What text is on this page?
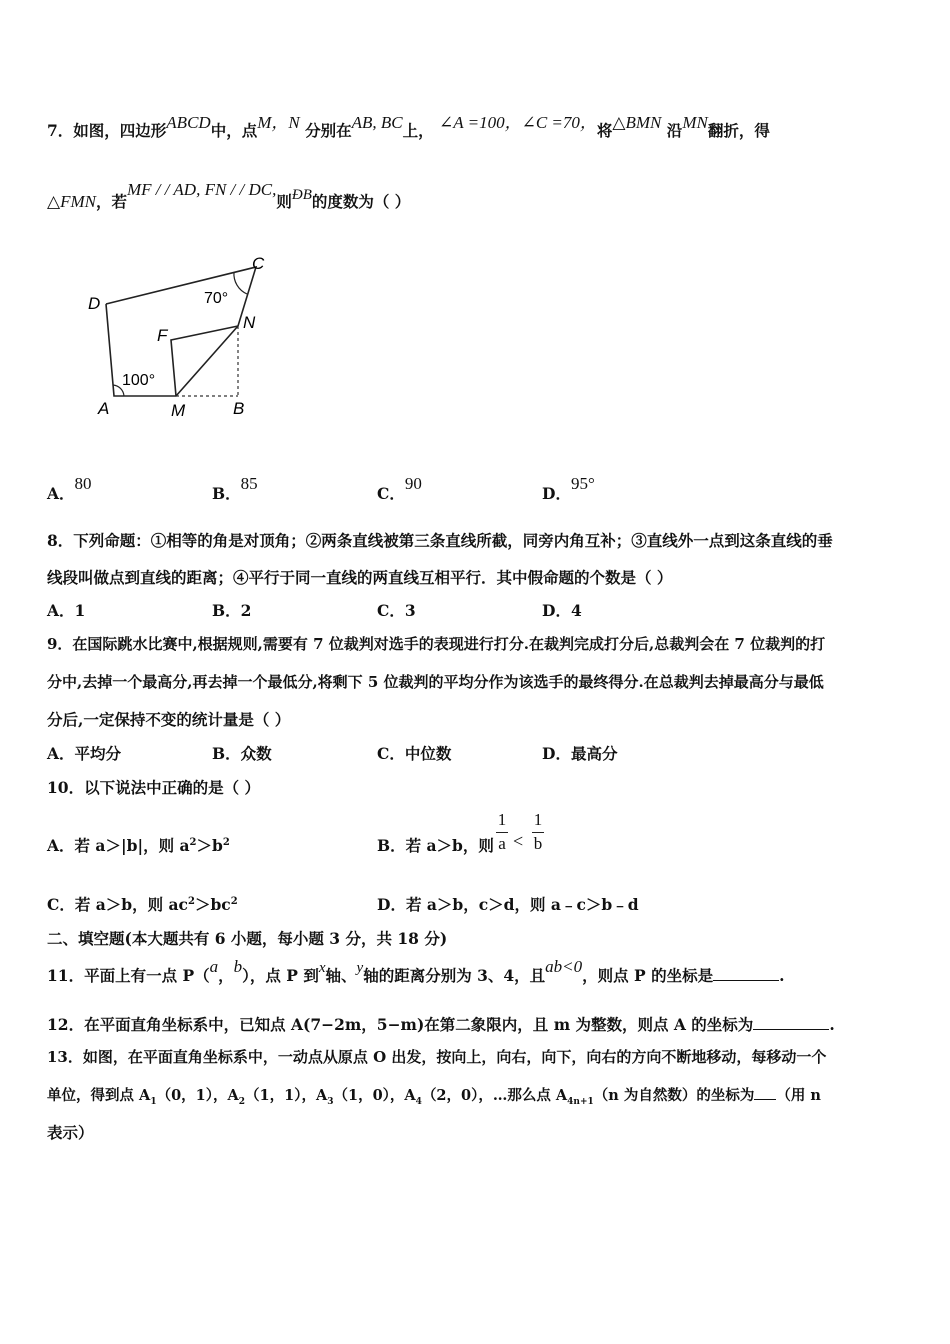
7．如图，四边形ABCD中，点M，N 分别在AB, BC上， ∠A =100，∠C =70，将△BMN 沿MN翻折，得
△FMN，若MF / / AD, FN / / DC,则ÐB的度数为（ ）
D
C
N
F
A	M	B
100°
70°
A．80
B．85
C．90
D．95°
8．下列命题：①相等的角是对顶角；②两条直线被第三条直线所截，同旁内角互补；③直线外一点到这条直线的垂
线段叫做点到直线的距离；④平行于同一直线的两直线互相平行．其中假命题的个数是（ ）
A．1	B．2	C．3	D．4
9．在国际跳水比赛中,根据规则,需要有 7 位裁判对选手的表现进行打分.在裁判完成打分后,总裁判会在 7 位裁判的打
分中,去掉一个最高分,再去掉一个最低分,将剩下 5 位裁判的平均分作为该选手的最终得分.在总裁判去掉最高分与最低
分后,一定保持不变的统计量是（ ）
A．平均分	B．众数	C．中位数	D．最高分
10．以下说法中正确的是（ ）
A．若 a＞|b|，则 $a^2>b^2$	B．若 a＞b，则
1
a <
1
b
C．若 a＞b，则 $ac^2>bc^2$	D．若 a＞b，c＞d，则 a﹣c＞b﹣d
二、填空题(本大题共有 6 小题，每小题 3 分，共 18 分)
11．平面上有一点 P（a，b），点 P 到x轴、y轴的距离分别为 3、4，且ab<0，则点 P 的坐标是	.
12．在平面直角坐标系中，已知点 A(7−2m，5−m)在第二象限内，且 m 为整数，则点 A 的坐标为	.
13．如图，在平面直角坐标系中，一动点从原点 O 出发，按向上，向右，向下，向右的方向不断地移动，每移动一个
单位，得到点 $A_1(0$，1），$A_2(1$，1），$A_3(1$，0），$A_4(2$，0），…那么点 $A_{4n+1}(n$ 为自然数）的坐标为 （用 n
表示）
